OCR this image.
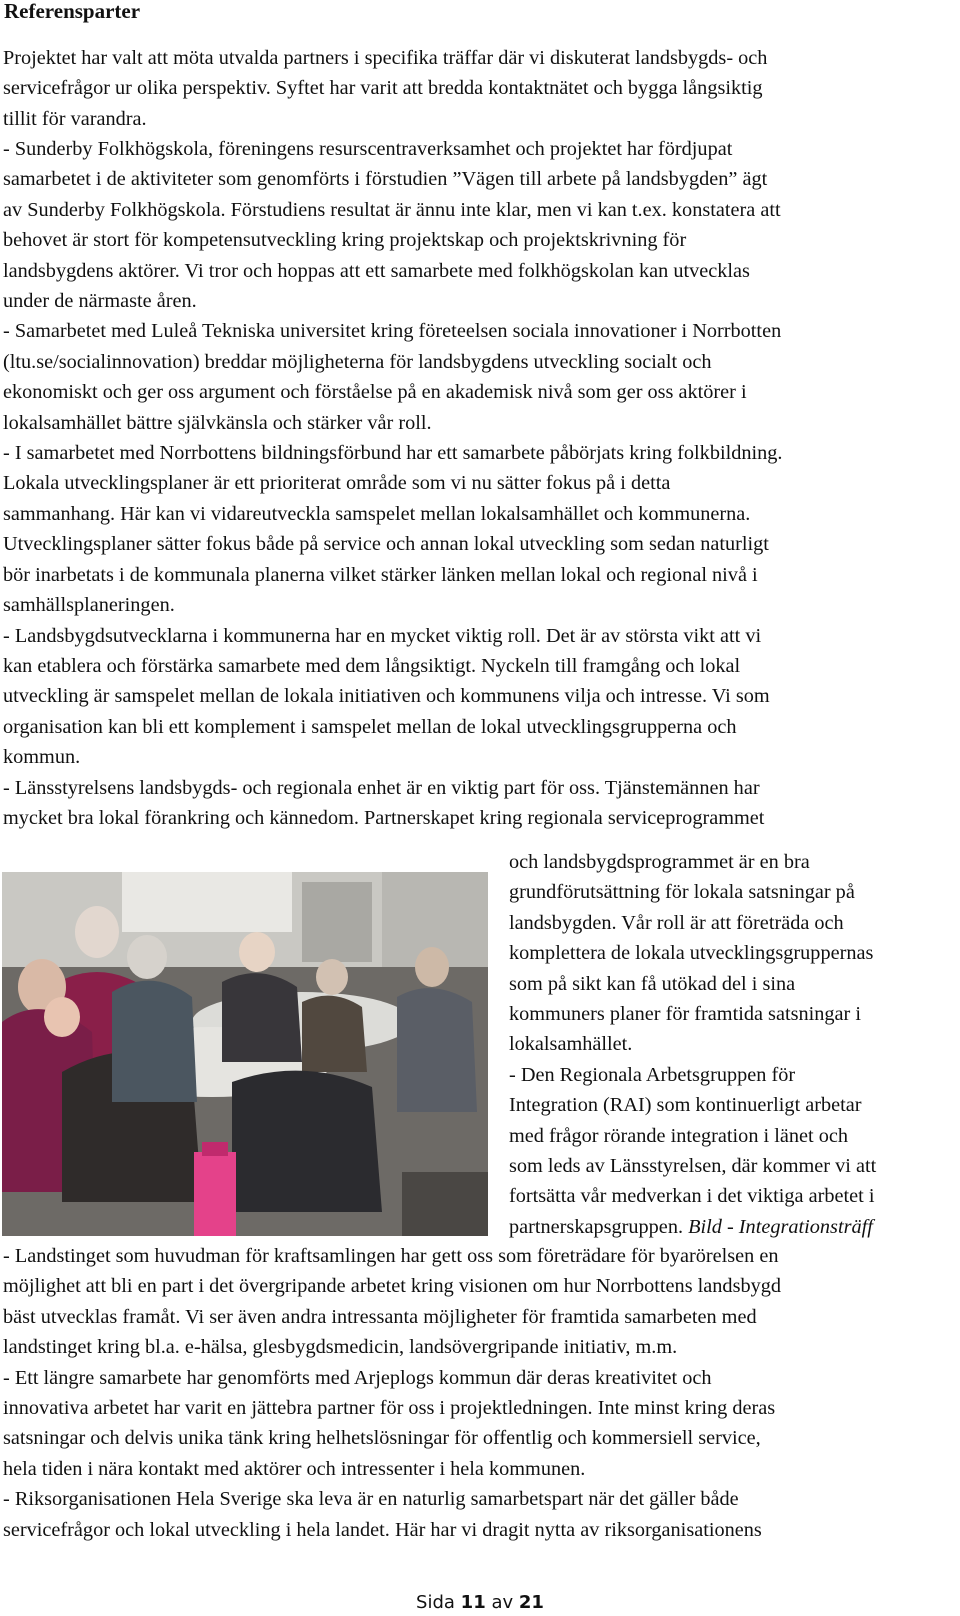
Referensparter

Projektet har valt att möta utvalda partners i specifika träffar där vi diskuterat landsbygds- och
servicefrågor ur olika perspektiv. Syftet har varit att bredda kontaktnätet och bygga långsiktig
tillit för varandra.

- Sunderby Folkhögskola, föreningens resurscentraverksamhet och projektet har fördjupat
samarbetet i de aktiviteter som genomförts i förstudien ”Vägen till arbete på landsbygden” ägt
av Sunderby Folkhögskola. Förstudiens resultat är ännu inte klar, men vi kan t.ex. konstatera att
behovet är stort för kompetensutveckling kring projektskap och projektskrivning för
landsbygdens aktörer. Vi tror och hoppas att ett samarbete med folkhögskolan kan utvecklas
under de närmaste åren.
- Samarbetet med Luleå Tekniska universitet kring företeelsen sociala innovationer i Norrbotten
(ltu.se/socialinnovation) breddar möjligheterna för landsbygdens utveckling socialt och
ekonomiskt och ger oss argument och förståelse på en akademisk nivå som ger oss aktörer i
lokalsamhället bättre självkänsla och stärker vår roll.
- I samarbetet med Norrbottens bildningsförbund har ett samarbete påbörjats kring folkbildning.
Lokala utvecklingsplaner är ett prioriterat område som vi nu sätter fokus på i detta
sammanhang. Här kan vi vidareutveckla samspelet mellan lokalsamhället och kommunerna.
Utvecklingsplaner sätter fokus både på service och annan lokal utveckling som sedan naturligt
bör inarbetats i de kommunala planerna vilket stärker länken mellan lokal och regional nivå i
samhällsplaneringen.
- Landsbygdsutvecklarna i kommunerna har en mycket viktig roll. Det är av största vikt att vi
kan etablera och förstärka samarbete med dem långsiktigt. Nyckeln till framgång och lokal
utveckling är samspelet mellan de lokala initiativen och kommunens vilja och intresse. Vi som
organisation kan bli ett komplement i samspelet mellan de lokal utvecklingsgrupperna och
kommun.
- Länsstyrelsens landsbygds- och regionala enhet är en viktig part för oss. Tjänstemännen har
mycket bra lokal förankring och kännedom. Partnerskapet kring regionala serviceprogrammet

och landsbygdsprogrammet är en bra
grundförutsättning för lokala satsningar på
landsbygden. Vår roll är att företräda och
komplettera de lokala utvecklingsgruppernas
som på sikt kan få utökad del i sina
kommuners planer för framtida satsningar i
lokalsamhället.
- Den Regionala Arbetsgruppen för
Integration (RAI) som kontinuerligt arbetar
med frågor rörande integration i länet och
som leds av Länsstyrelsen, där kommer vi att
fortsätta vår medverkan i det viktiga arbetet i
partnerskapsgruppen. Bild - Integrationsträff

- Landstinget som huvudman för kraftsamlingen har gett oss som företrädare för byarörelsen en
möjlighet att bli en part i det övergripande arbetet kring visionen om hur Norrbottens landsbygd
bäst utvecklas framåt. Vi ser även andra intressanta möjligheter för framtida samarbeten med
landstinget kring bl.a. e-hälsa, glesbygdsmedicin, landsövergripande initiativ, m.m.
- Ett längre samarbete har genomförts med Arjeplogs kommun där deras kreativitet och
innovativa arbetet har varit en jättebra partner för oss i projektledningen. Inte minst kring deras
satsningar och delvis unika tänk kring helhetslösningar för offentlig och kommersiell service,
hela tiden i nära kontakt med aktörer och intressenter i hela kommunen.
- Riksorganisationen Hela Sverige ska leva är en naturlig samarbetspart när det gäller både
servicefrågor och lokal utveckling i hela landet. Här har vi dragit nytta av riksorganisationens

Sida 11 av 21
